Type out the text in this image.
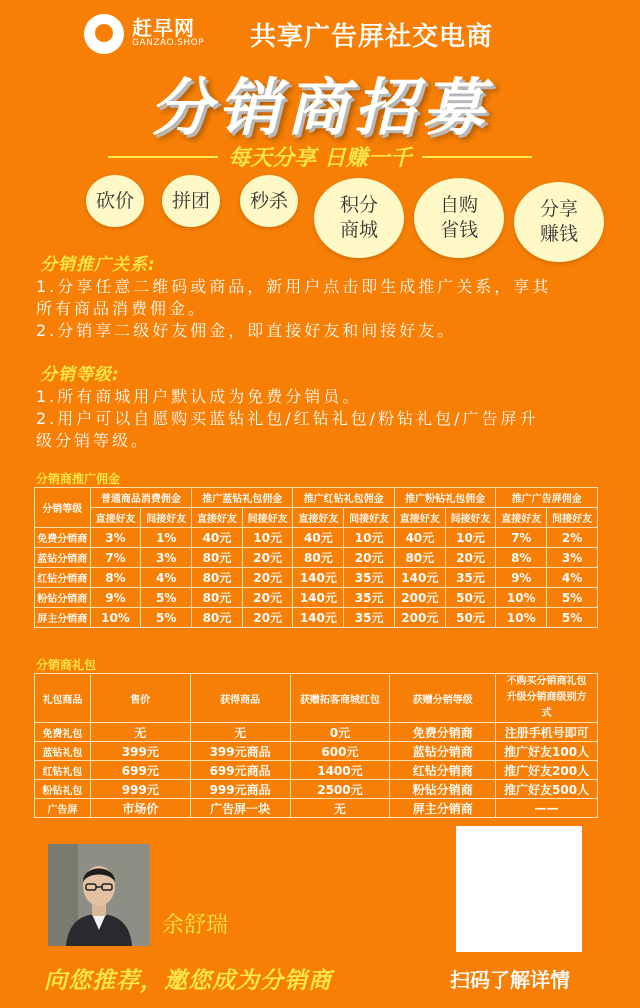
赶早网
GANZAO.SHOP 共享广告屏社交电商
分销商招募
每天分享 日赚一千
砍价	拼团	秒杀	积分商城
自购省钱
分享赚钱
分销推广关系:
1.分享任意二维码或商品，新用户点击即生成推广关系，享其
所有商品消费佣金。
2.分销享二级好友佣金，即直接好友和间接好友。
分销等级:
1.所有商城用户默认成为免费分销员。
2.用户可以自愿购买蓝钻礼包/红钻礼包/粉钻礼包/广告屏升
级分销等级。
分销商推广佣金
分销等级	普通商品消费佣金		推广蓝钻礼包佣金		推广红钻礼包佣金		推广粉钻礼包佣金		推广广告屏佣金	
	直接好友	间接好友	直接好友	间接好友	直接好友	间接好友	直接好友	间接好友	直接好友	间接好友
免费分销商	3%	1%	40元	10元	40元	10元	40元	10元	7%	2%
蓝钻分销商	7%	3%	80元	20元	80元	20元	80元	20元	8%	3%
红钻分销商	8%	4%	80元	20元	140元	35元	140元	35元	9%	4%
粉钻分销商	9%	5%	80元	20元	140元	35元	200元	50元	10%	5%
屏主分销商	10%	5%	80元	20元	140元	35元	200元	50元	10%	5%
分销商礼包
礼包商品	售价	获得商品	获赠拓客商城红包	获赠分销等级	不购买分销商礼包升级分销商级别方式
免费礼包	无	无	0元	免费分销商	注册手机号即可
蓝钻礼包	399元	399元商品	600元	蓝钻分销商	推广好友100人
红钻礼包	699元	699元商品	1400元	红钻分销商	推广好友200人
粉钻礼包	999元	999元商品	2500元	粉钻分销商	推广好友500人
广告屏	市场价	广告屏一块	无	屏主分销商	——
余舒瑞
向您推荐，邀您成为分销商	扫码了解详情
